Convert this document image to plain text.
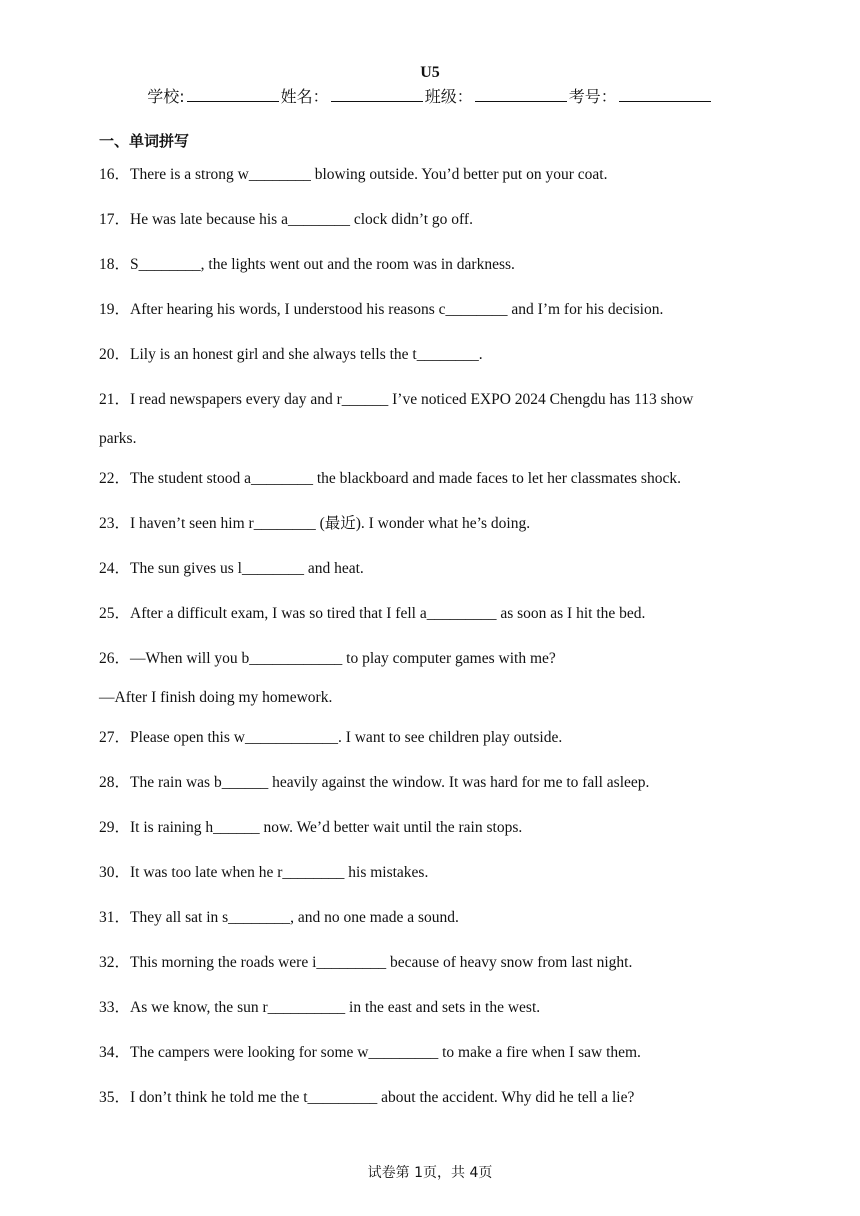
U5
学校:	姓名：	班级：	考号：
一、单词拼写
16．There is a strong w________ blowing outside. You’d better put on your coat.
17．He was late because his a________ clock didn’t go off.
18．S________, the lights went out and the room was in darkness.
19．After hearing his words, I understood his reasons c________ and I’m for his decision.
20．Lily is an honest girl and she always tells the t________.
21．I read newspapers every day and r______ I’ve noticed EXPO 2024 Chengdu has 113 show
parks.
22．The student stood a________ the blackboard and made faces to let her classmates shock.
23．I haven’t seen him r________ (最近). I wonder what he’s doing.
24．The sun gives us l________ and heat.
25．After a difficult exam, I was so tired that I fell a_________ as soon as I hit the bed.
26．—When will you b____________ to play computer games with me?
—After I finish doing my homework.
27．Please open this w____________. I want to see children play outside.
28．The rain was b______ heavily against the window. It was hard for me to fall asleep.
29．It is raining h______ now. We’d better wait until the rain stops.
30．It was too late when he r________ his mistakes.
31．They all sat in s________, and no one made a sound.
32．This morning the roads were i_________ because of heavy snow from last night.
33．As we know, the sun r__________ in the east and sets in the west.
34．The campers were looking for some w_________ to make a fire when I saw them.
35．I don’t think he told me the t_________ about the accident. Why did he tell a lie?
试卷第 1页，共 4页
